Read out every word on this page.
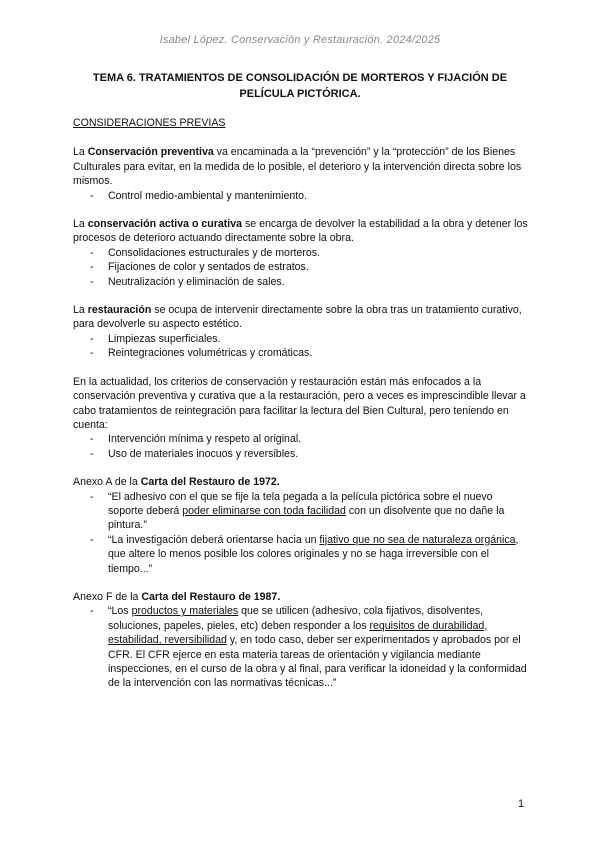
Isabel López. Conservación y Restauración. 2024/2025
TEMA 6. TRATAMIENTOS DE CONSOLIDACIÓN DE MORTEROS Y FIJACIÓN DE PELÍCULA PICTÓRICA.

CONSIDERACIONES PREVIAS

La Conservación preventiva va encaminada a la “prevención” y la “protección” de los Bienes Culturales para evitar, en la medida de lo posible, el deterioro y la intervención directa sobre los mismos.

- Control medio-ambiental y mantenimiento.

La conservación activa o curativa se encarga de devolver la estabilidad a la obra y detener los procesos de deterioro actuando directamente sobre la obra.

- Consolidaciones estructurales y de morteros.
- Fijaciones de color y sentados de estratos.
- Neutralización y eliminación de sales.

La restauración se ocupa de intervenir directamente sobre la obra tras un tratamiento curativo, para devolverle su aspecto estético.

- Limpiezas superficiales.
- Reintegraciones volumétricas y cromáticas.

En la actualidad, los criterios de conservación y restauración están más enfocados a la conservación preventiva y curativa que a la restauración, pero a veces es imprescindible llevar a cabo tratamientos de reintegración para facilitar la lectura del Bien Cultural, pero teniendo en cuenta:

- Intervención mínima y respeto al original.
- Uso de materiales inocuos y reversibles.

Anexo A de la Carta del Restauro de 1972.

- “El adhesivo con el que se fije la tela pegada a la película pictórica sobre el nuevo soporte deberá poder eliminarse con toda facilidad con un disolvente que no dañe la pintura.”
- “La investigación deberá orientarse hacia un fijativo que no sea de naturaleza orgánica, que altere lo menos posible los colores originales y no se haga irreversible con el tiempo...”

Anexo F de la Carta del Restauro de 1987.

- “Los productos y materiales que se utilicen (adhesivo, cola fijativos, disolventes, soluciones, papeles, pieles, etc) deben responder a los requisitos de durabilidad, estabilidad, reversibilidad y, en todo caso, deber ser experimentados y aprobados por el CFR. El CFR ejerce en esta materia tareas de orientación y vigilancia mediante inspecciones, en el curso de la obra y al final, para verificar la idoneidad y la conformidad de la intervención con las normativas técnicas...”
1
